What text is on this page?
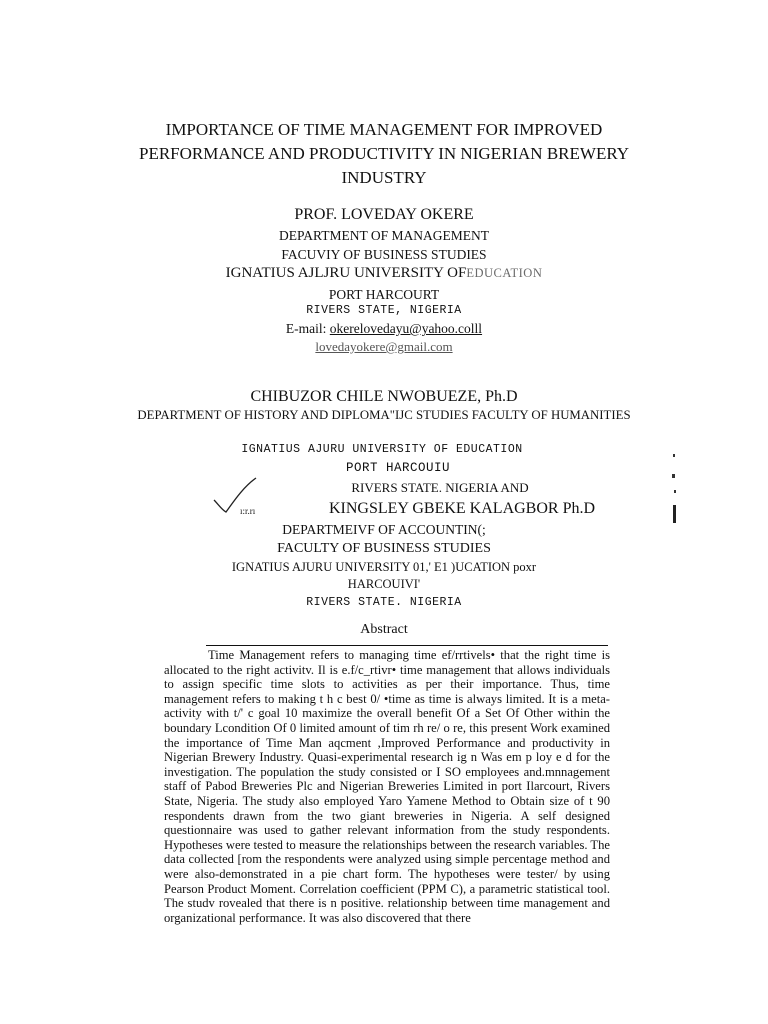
IMPORTANCE OF TIME MANAGEMENT FOR IMPROVED
PERFORMANCE AND PRODUCTIVITY IN NIGERIAN BREWERY
INDUSTRY
PROF. LOVEDAY OKERE
DEPARTMENT OF MANAGEMENT
FACUVIY OF BUSINESS STUDIES
IGNATIUS AJLJRU UNIVERSITY OFEDUCATION
PORT HARCOURT
RIVERS STATE, NIGERIA
E-mail: okerelovedayu@yahoo.colll
lovedayokere@gmail.com
CHIBUZOR CHILE NWOBUEZE, Ph.D
DEPARTMENT OF HISTORY AND DIPLOMA"IJC STUDIES FACULTY OF HUMANITIES
IGNATIUS AJURU UNIVERSITY OF EDUCATION
PORT HARCOUIU
RIVERS STATE. NIGERIA AND
ı:r.rı	KINGSLEY GBEKE KALAGBOR Ph.D
DEPARTMEIVF OF ACCOUNTIN(;
FACULTY OF BUSINESS STUDIES
IGNATIUS AJURU UNIVERSITY 01,' E1 )UCATION poxr
HARCOUIVI'
RIVERS STATE. NIGERIA
Abstract

Time Management refers to managing time ef/rrtivels• that the right time is allocated to the right activitv. Il is e.f/c_rtivr• time management that allows individuals to assign specific time slots to activities as per their importance. Thus, time management refers to making t h c best 0/ •time as time is always limited. It is a meta-activity with t/' c goal 10 maximize the overall benefit Of a Set Of Other within the boundary Lcondition Of 0 limited amount of tim rh re/ o re, this present Work examined the importance of Time Man aqcment ,Improved Performance and productivity in Nigerian Brewery Industry. Quasi-experimental research ig n Was em p loy e d for the investigation. The population the study consisted or I SO employees and.mnnagement staff of Pabod Breweries Plc and Nigerian Breweries Limited in port Ilarcourt, Rivers State, Nigeria. The study also employed Yaro Yamene Method to Obtain size of t 90 respondents drawn from the two giant breweries in Nigeria. A self designed questionnaire was used to gather relevant information from the study respondents. Hypotheses were tested to measure the relationships between the research variables. The data collected [rom the respondents were analyzed using simple percentage method and were also-demonstrated in a pie chart form. The hypotheses were tester/ by using Pearson Product Moment. Correlation coefficient (PPM C), a parametric statistical tool. The studv rovealed that there is n positive. relationship between time management and organizational performance. It was also discovered that there
